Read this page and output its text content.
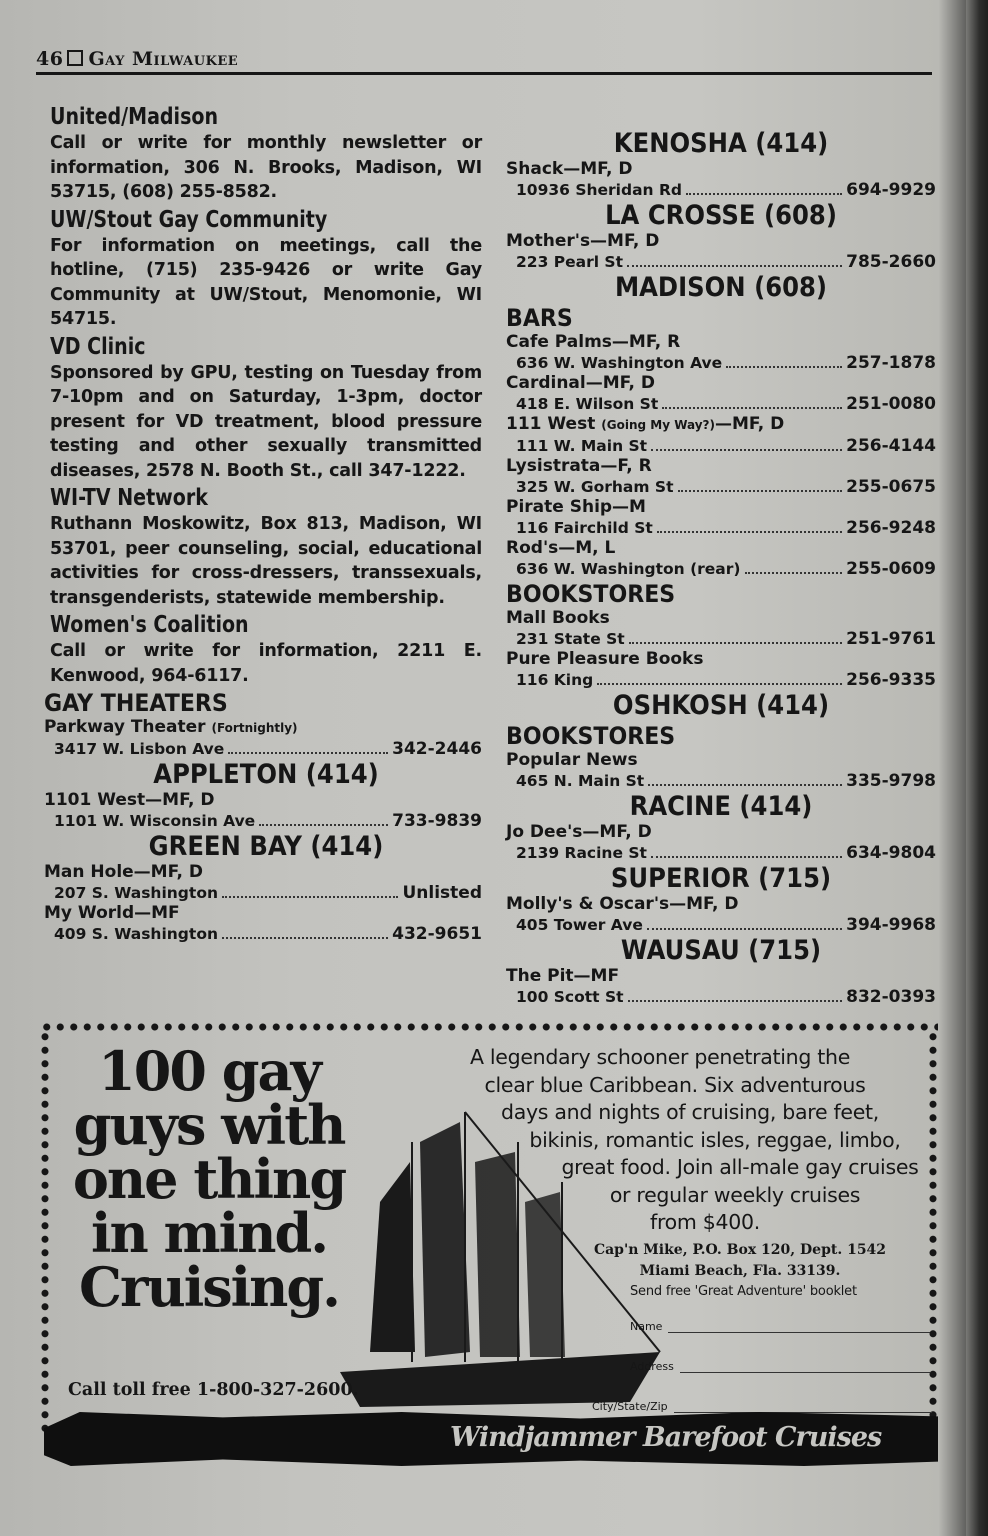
46 Gay Milwaukee

United/Madison

Call or write for monthly newsletter or information, 306 N. Brooks, Madison, WI 53715, (608) 255-8582.

UW/Stout Gay Community

For information on meetings, call the hotline, (715) 235-9426 or write Gay Community at UW/Stout, Menomonie, WI 54715.

VD Clinic

Sponsored by GPU, testing on Tuesday from 7-10pm and on Saturday, 1-3pm, doctor present for VD treatment, blood pressure testing and other sexually transmitted diseases, 2578 N. Booth St., call 347-1222.

WI-TV Network

Ruthann Moskowitz, Box 813, Madison, WI 53701, peer counseling, social, educational activities for cross-dressers, transsexuals, transgenderists, statewide membership.

Women's Coalition

Call or write for information, 2211 E. Kenwood, 964-6117.

GAY THEATERS
Parkway Theater (Fortnightly)
3417 W. Lisbon Ave	342-2446
APPLETON (414)
1101 West—MF, D
1101 W. Wisconsin Ave	733-9839
GREEN BAY (414)
Man Hole—MF, D
207 S. Washington	Unlisted
My World—MF
409 S. Washington	432-9651
KENOSHA (414)
Shack—MF, D
10936 Sheridan Rd	694-9929
LA CROSSE (608)
Mother's—MF, D
223 Pearl St	785-2660
MADISON (608)
BARS
Cafe Palms—MF, R
636 W. Washington Ave	257-1878
Cardinal—MF, D
418 E. Wilson St	251-0080
111 West (Going My Way?)—MF, D
111 W. Main St	256-4144
Lysistrata—F, R
325 W. Gorham St	255-0675
Pirate Ship—M
116 Fairchild St	256-9248
Rod's—M, L
636 W. Washington (rear)	255-0609
BOOKSTORES
Mall Books
231 State St	251-9761
Pure Pleasure Books
116 King	256-9335
OSHKOSH (414)
BOOKSTORES
Popular News
465 N. Main St	335-9798
RACINE (414)
Jo Dee's—MF, D
2139 Racine St	634-9804
SUPERIOR (715)
Molly's & Oscar's—MF, D
405 Tower Ave	394-9968
WAUSAU (715)
The Pit—MF
100 Scott St	832-0393
100 gay
guys with
one thing
in mind.
Cruising.
A legendary schooner penetrating the
clear blue Caribbean. Six adventurous
days and nights of cruising, bare feet,
bikinis, romantic isles, reggae, limbo,
great food. Join all-male gay cruises
or regular weekly cruises
from $400.
Cap'n Mike, P.O. Box 120, Dept. 1542
Miami Beach, Fla. 33139.
Send free 'Great Adventure' booklet
Name
Address
City/State/Zip
Call toll free 1-800-327-2600.
Windjammer Barefoot Cruises
